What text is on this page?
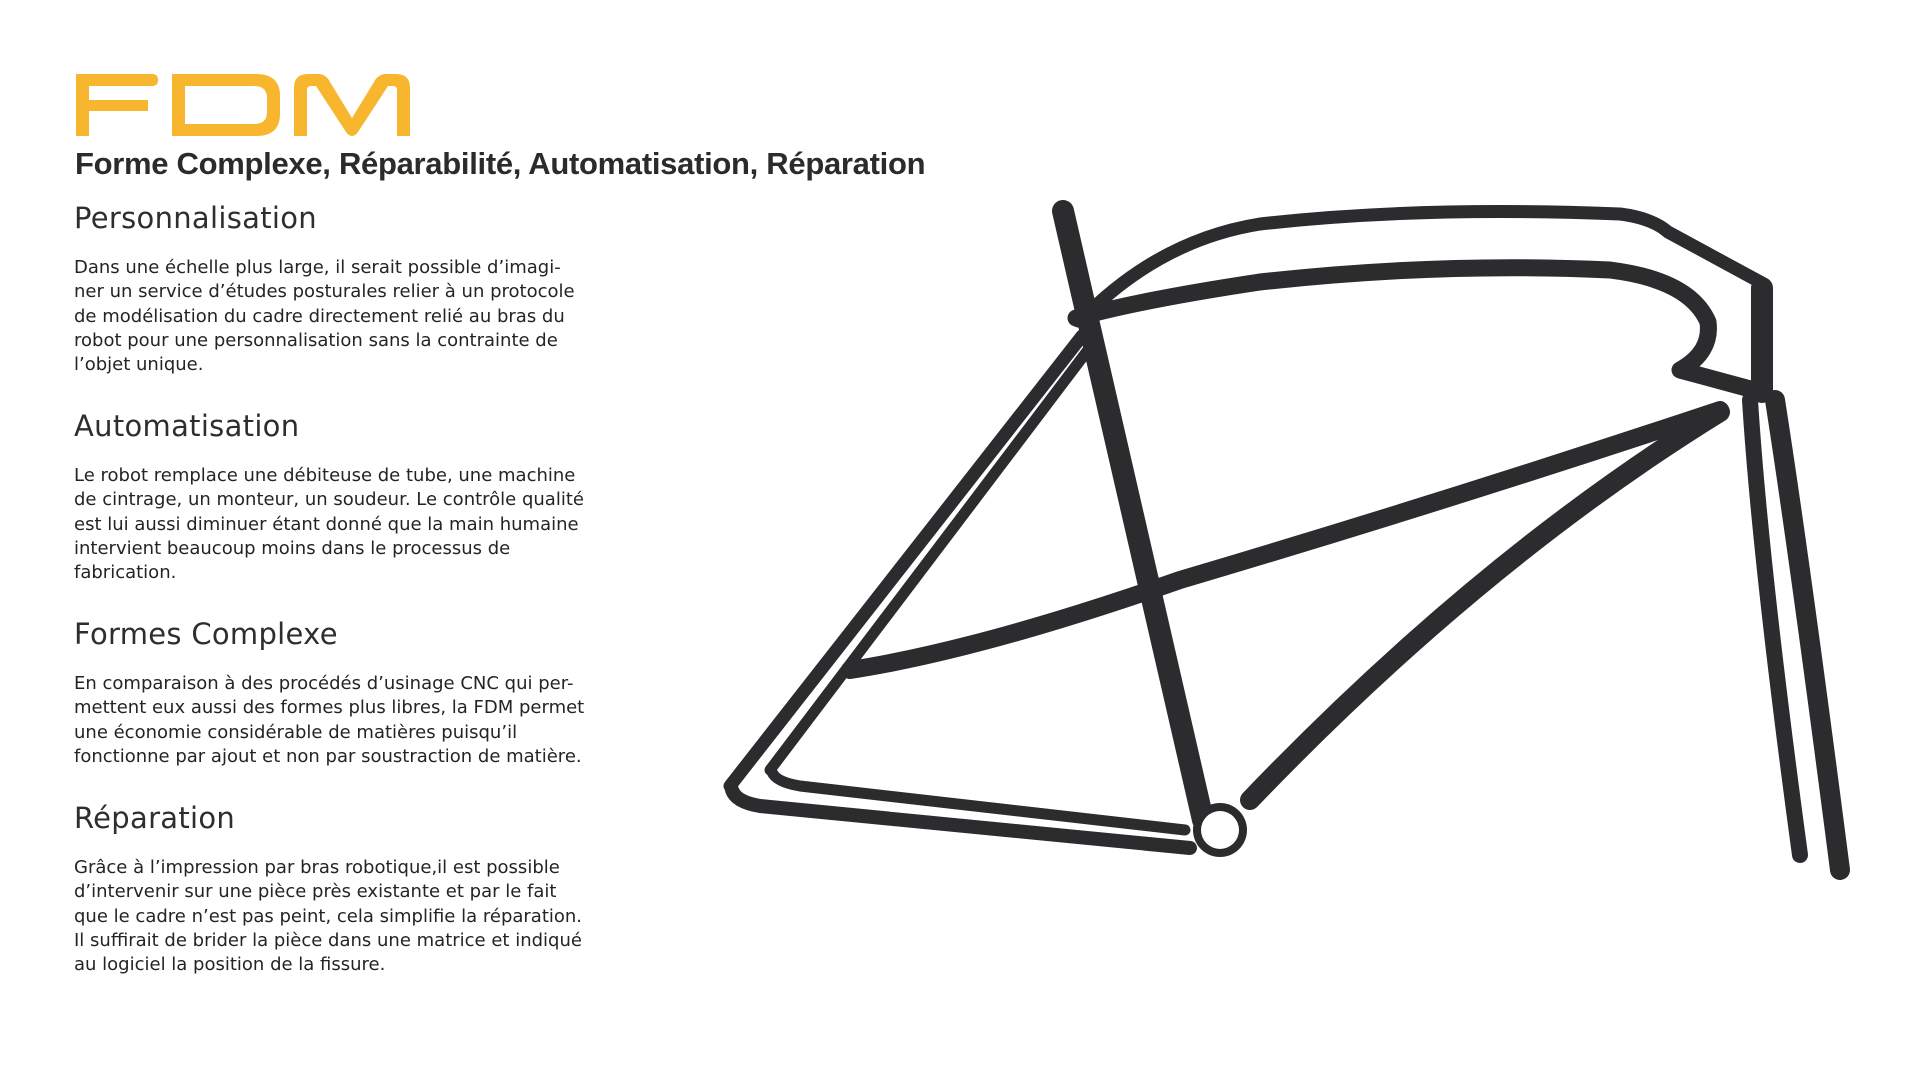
Forme Complexe, Réparabilité, Automatisation, Réparation
Personnalisation

Dans une échelle plus large, il serait possible d’imagi-
ner un service d’études posturales relier à un protocole
de modélisation du cadre directement relié au bras du
robot pour une personnalisation sans la contrainte de
l’objet unique.

Automatisation

Le robot remplace une débiteuse de tube, une machine
de cintrage, un monteur, un soudeur. Le contrôle qualité
est lui aussi diminuer étant donné que la main humaine
intervient beaucoup moins dans le processus de
fabrication.

Formes Complexe

En comparaison à des procédés d’usinage CNC qui per-
mettent eux aussi des formes plus libres, la FDM permet
une économie considérable de matières puisqu’il
fonctionne par ajout et non par soustraction de matière.

Réparation

Grâce à l’impression par bras robotique,il est possible
d’intervenir sur une pièce près existante et par le fait
que le cadre n’est pas peint, cela simplifie la réparation.
Il suffirait de brider la pièce dans une matrice et indiqué
au logiciel la position de la fissure.
